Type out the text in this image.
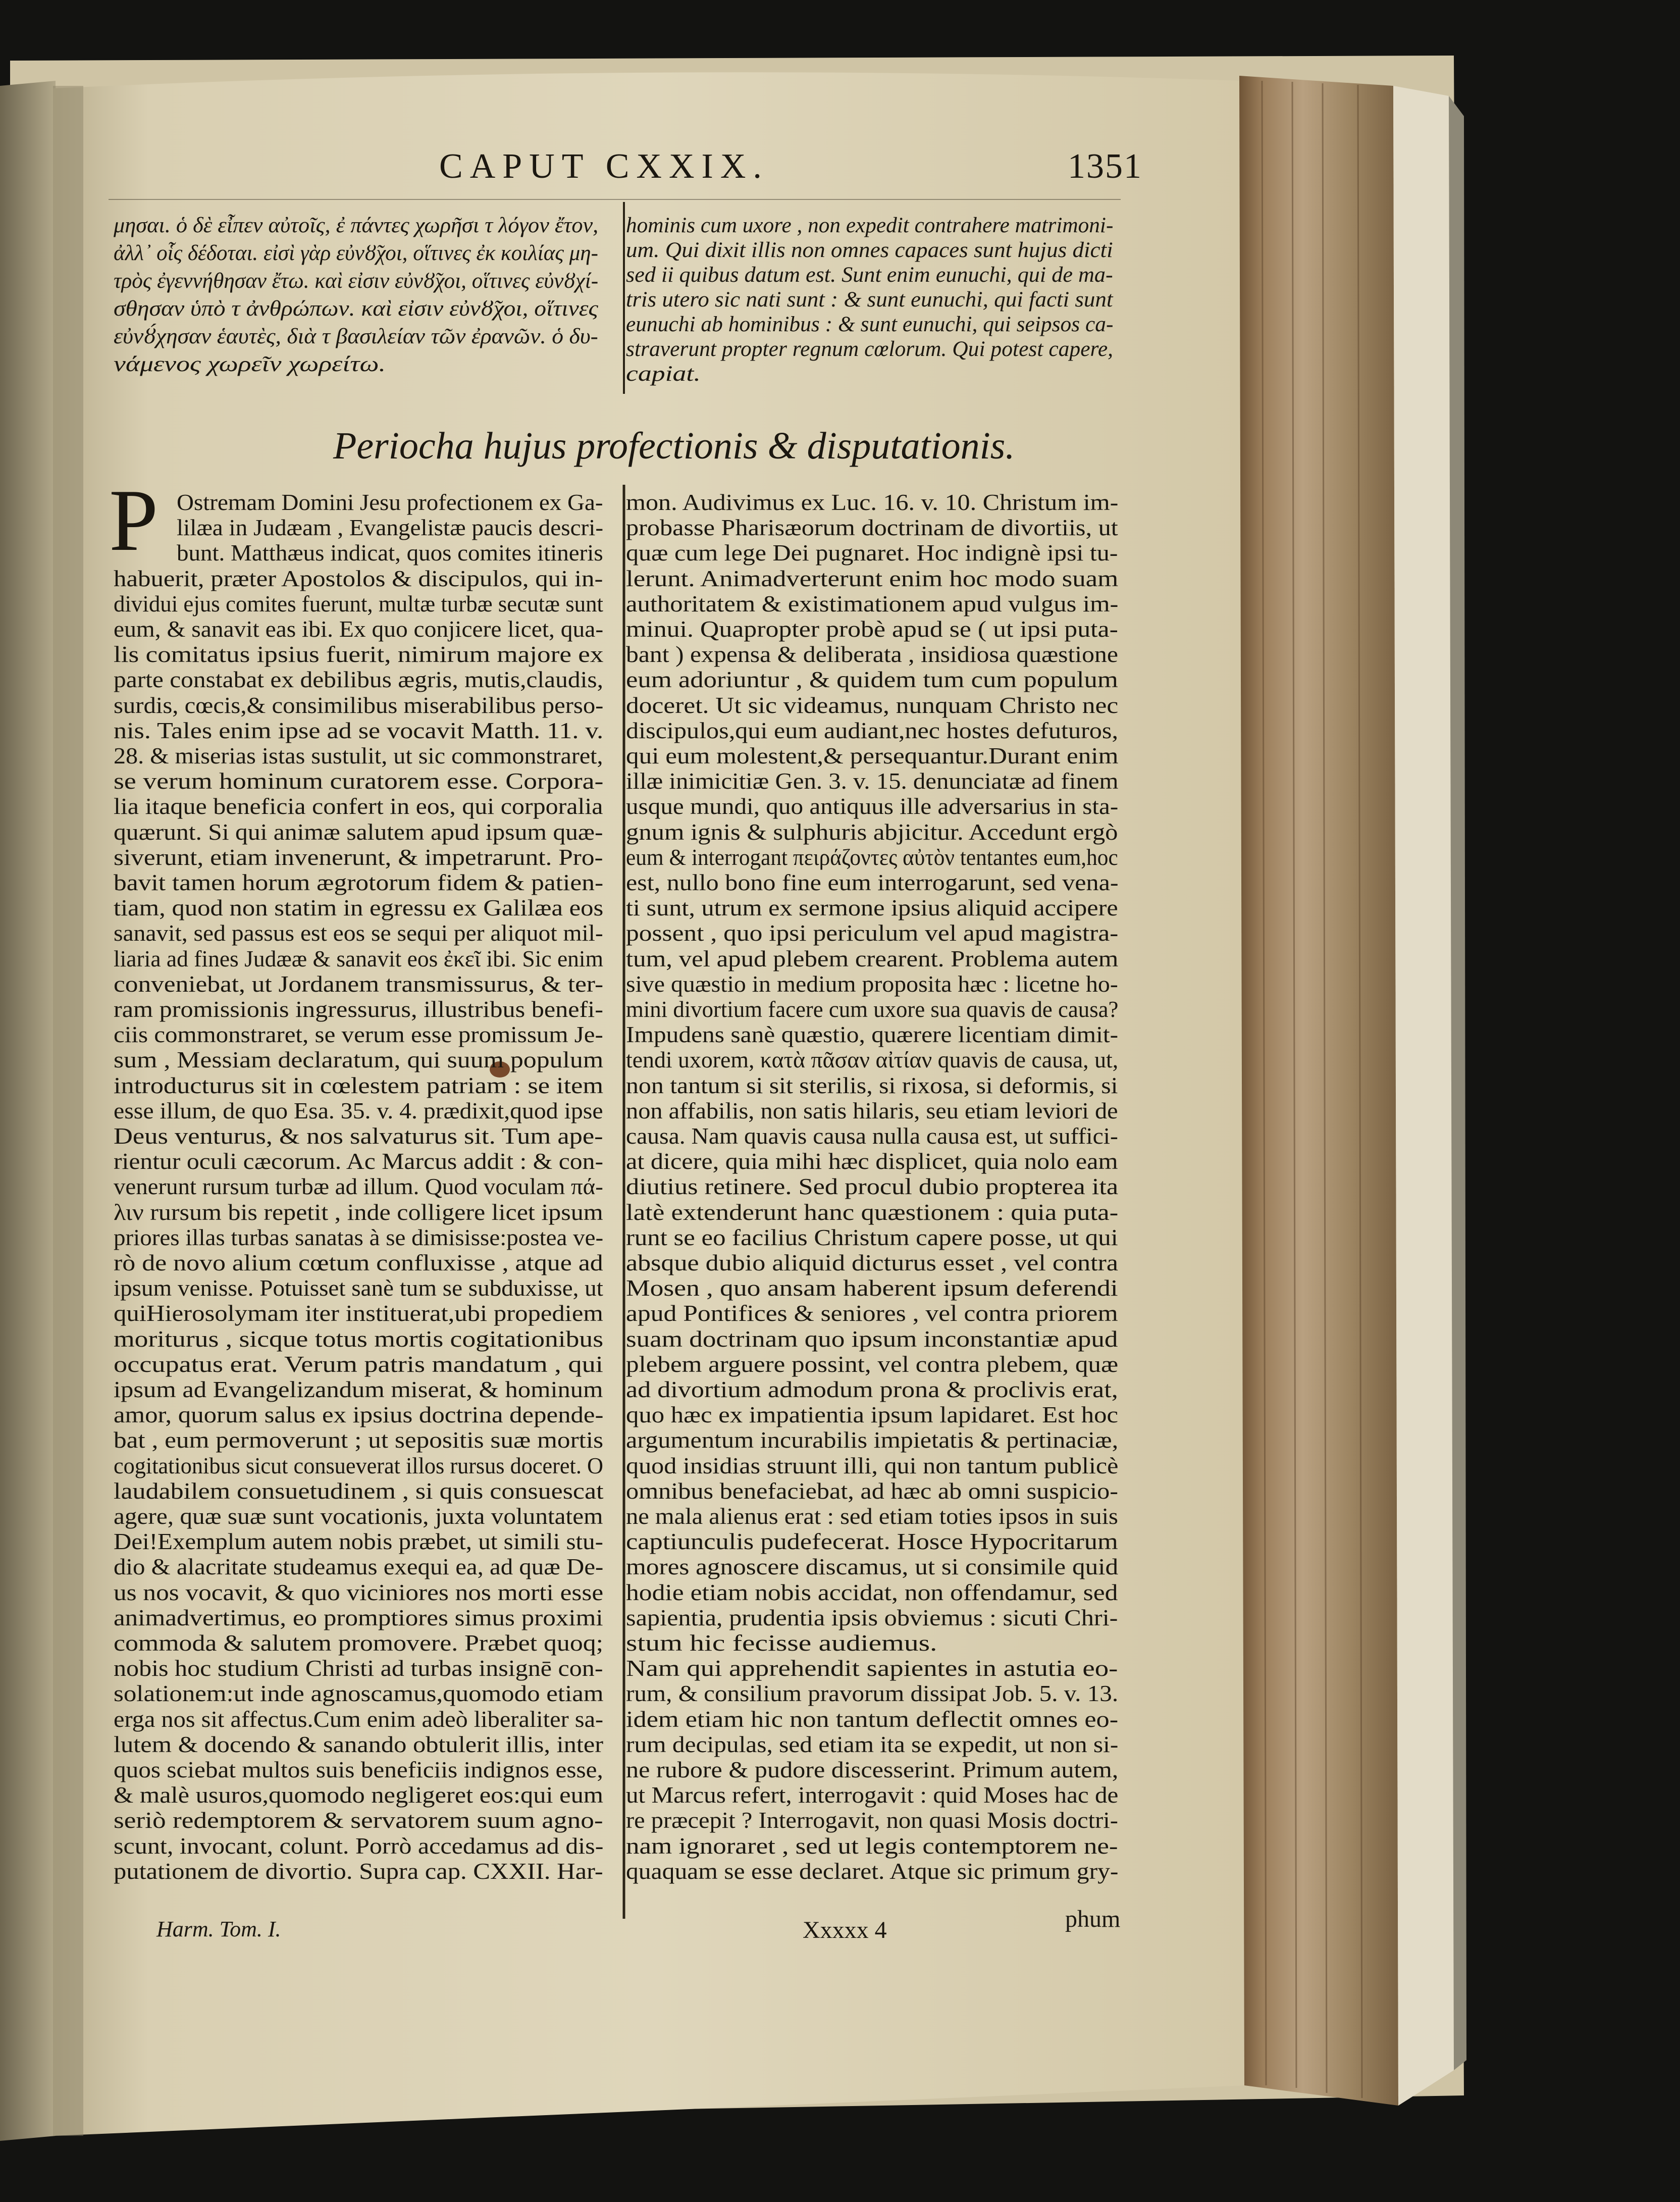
CAPUT CXXIX.	1351
μησαι. ὁ δὲ εἶπεν αὐτοῖς, ἐ πάντες χωρῆσι τ λόγον ἔτον,
ἀλλ᾽ οἷς δέδοται. εἰσὶ γὰρ εὐνȣ̃χοι, οἵτινες ἐκ κοιλίας μη-
τρὸς ἐγεννήθησαν ἔτω. καὶ εἰσιν εὐνȣ̃χοι, οἵτινες εὐνȣχί-
σθησαν ὑπὸ τ ἀνθρώπων. καὶ εἰσιν εὐνȣ̃χοι, οἵτινες
εὐνȣ́χησαν ἑαυτὲς, διὰ τ βασιλείαν τῶν ἐρανῶν. ὁ δυ-
νάμενος χωρεῖν χωρείτω.
hominis cum uxore , non expedit contrahere matrimoni-
um. Qui dixit illis non omnes capaces sunt hujus dicti
sed ii quibus datum est. Sunt enim eunuchi, qui de ma-
tris utero sic nati sunt : & sunt eunuchi, qui facti sunt
eunuchi ab hominibus : & sunt eunuchi, qui seipsos ca-
straverunt propter regnum cœlorum. Qui potest capere,
capiat.
Periocha hujus profectionis & disputationis.
P Ostremam Domini Jesu profectionem ex Ga-
lilæa in Judæam , Evangelistæ paucis descri-
bunt. Matthæus indicat, quos comites itineris
habuerit, præter Apostolos & discipulos, qui in-
dividui ejus comites fuerunt, multæ turbæ secutæ sunt
eum, & sanavit eas ibi. Ex quo conjicere licet, qua-
lis comitatus ipsius fuerit, nimirum majore ex
parte constabat ex debilibus ægris, mutis,claudis,
surdis, cœcis,& consimilibus miserabilibus perso-
nis. Tales enim ipse ad se vocavit Matth. 11. v.
28. & miserias istas sustulit, ut sic commonstraret,
se verum hominum curatorem esse. Corpora-
lia itaque beneficia confert in eos, qui corporalia
quærunt. Si qui animæ salutem apud ipsum quæ-
siverunt, etiam invenerunt, & impetrarunt. Pro-
bavit tamen horum ægrotorum fidem & patien-
tiam, quod non statim in egressu ex Galilæa eos
sanavit, sed passus est eos se sequi per aliquot mil-
liaria ad fines Judææ & sanavit eos ἐκεῖ ibi. Sic enim
conveniebat, ut Jordanem transmissurus, & ter-
ram promissionis ingressurus, illustribus benefi-
ciis commonstraret, se verum esse promissum Je-
sum , Messiam declaratum, qui suum populum
introducturus sit in cœlestem patriam : se item
esse illum, de quo Esa. 35. v. 4. prædixit,quod ipse
Deus venturus, & nos salvaturus sit. Tum ape-
rientur oculi cæcorum. Ac Marcus addit : & con-
venerunt rursum turbæ ad illum. Quod voculam πά-
λιν rursum bis repetit , inde colligere licet ipsum
priores illas turbas sanatas à se dimisisse:postea ve-
rò de novo alium cœtum confluxisse , atque ad
ipsum venisse. Potuisset sanè tum se subduxisse, ut
quiHierosolymam iter instituerat,ubi propediem
moriturus , sicque totus mortis cogitationibus
occupatus erat. Verum patris mandatum , qui
ipsum ad Evangelizandum miserat, & hominum
amor, quorum salus ex ipsius doctrina depende-
bat , eum permoverunt ; ut sepositis suæ mortis
cogitationibus sicut consueverat illos rursus doceret. O
laudabilem consuetudinem , si quis consuescat
agere, quæ suæ sunt vocationis, juxta voluntatem
Dei!Exemplum autem nobis præbet, ut simili stu-
dio & alacritate studeamus exequi ea, ad quæ De-
us nos vocavit, & quo viciniores nos morti esse
animadvertimus, eo promptiores simus proximi
commoda & salutem promovere. Præbet quoq;
nobis hoc studium Christi ad turbas insignē con-
solationem:ut inde agnoscamus,quomodo etiam
erga nos sit affectus.Cum enim adeò liberaliter sa-
lutem & docendo & sanando obtulerit illis, inter
quos sciebat multos suis beneficiis indignos esse,
& malè usuros,quomodo negligeret eos:qui eum
seriò redemptorem & servatorem suum agno-
scunt, invocant, colunt. Porrò accedamus ad dis-
putationem de divortio. Supra cap. CXXII. Har-
mon. Audivimus ex Luc. 16. v. 10. Christum im-
probasse Pharisæorum doctrinam de divortiis, ut
quæ cum lege Dei pugnaret. Hoc indignè ipsi tu-
lerunt. Animadverterunt enim hoc modo suam
authoritatem & existimationem apud vulgus im-
minui. Quapropter probè apud se ( ut ipsi puta-
bant ) expensa & deliberata , insidiosa quæstione
eum adoriuntur , & quidem tum cum populum
doceret. Ut sic videamus, nunquam Christo nec
discipulos,qui eum audiant,nec hostes defuturos,
qui eum molestent,& persequantur.Durant enim
illæ inimicitiæ Gen. 3. v. 15. denunciatæ ad finem
usque mundi, quo antiquus ille adversarius in sta-
gnum ignis & sulphuris abjicitur. Accedunt ergò
eum & interrogant πειράζοντες αὐτὸν tentantes eum,hoc
est, nullo bono fine eum interrogarunt, sed vena-
ti sunt, utrum ex sermone ipsius aliquid accipere
possent , quo ipsi periculum vel apud magistra-
tum, vel apud plebem crearent. Problema autem
sive quæstio in medium proposita hæc : licetne ho-
mini divortium facere cum uxore sua quavis de causa?
Impudens sanè quæstio, quærere licentiam dimit-
tendi uxorem, κατὰ πᾶσαν αἰτίαν quavis de causa, ut,
non tantum si sit sterilis, si rixosa, si deformis, si
non affabilis, non satis hilaris, seu etiam leviori de
causa. Nam quavis causa nulla causa est, ut suffici-
at dicere, quia mihi hæc displicet, quia nolo eam
diutius retinere. Sed procul dubio propterea ita
latè extenderunt hanc quæstionem : quia puta-
runt se eo facilius Christum capere posse, ut qui
absque dubio aliquid dicturus esset , vel contra
Mosen , quo ansam haberent ipsum deferendi
apud Pontifices & seniores , vel contra priorem
suam doctrinam quo ipsum inconstantiæ apud
plebem arguere possint, vel contra plebem, quæ
ad divortium admodum prona & proclivis erat,
quo hæc ex impatientia ipsum lapidaret. Est hoc
argumentum incurabilis impietatis & pertinaciæ,
quod insidias struunt illi, qui non tantum publicè
omnibus benefaciebat, ad hæc ab omni suspicio-
ne mala alienus erat : sed etiam toties ipsos in suis
captiunculis pudefecerat. Hosce Hypocritarum
mores agnoscere discamus, ut si consimile quid
hodie etiam nobis accidat, non offendamur, sed
sapientia, prudentia ipsis obviemus : sicuti Chri-
stum hic fecisse audiemus.
Nam qui apprehendit sapientes in astutia eo-
rum, & consilium pravorum dissipat Job. 5. v. 13.
idem etiam hic non tantum deflectit omnes eo-
rum decipulas, sed etiam ita se expedit, ut non si-
ne rubore & pudore discesserint. Primum autem,
ut Marcus refert, interrogavit : quid Moses hac de
re præcepit ? Interrogavit, non quasi Mosis doctri-
nam ignoraret , sed ut legis contemptorem ne-
quaquam se esse declaret. Atque sic primum gry-
Harm. Tom. I.	Xxxxx 4	phum
